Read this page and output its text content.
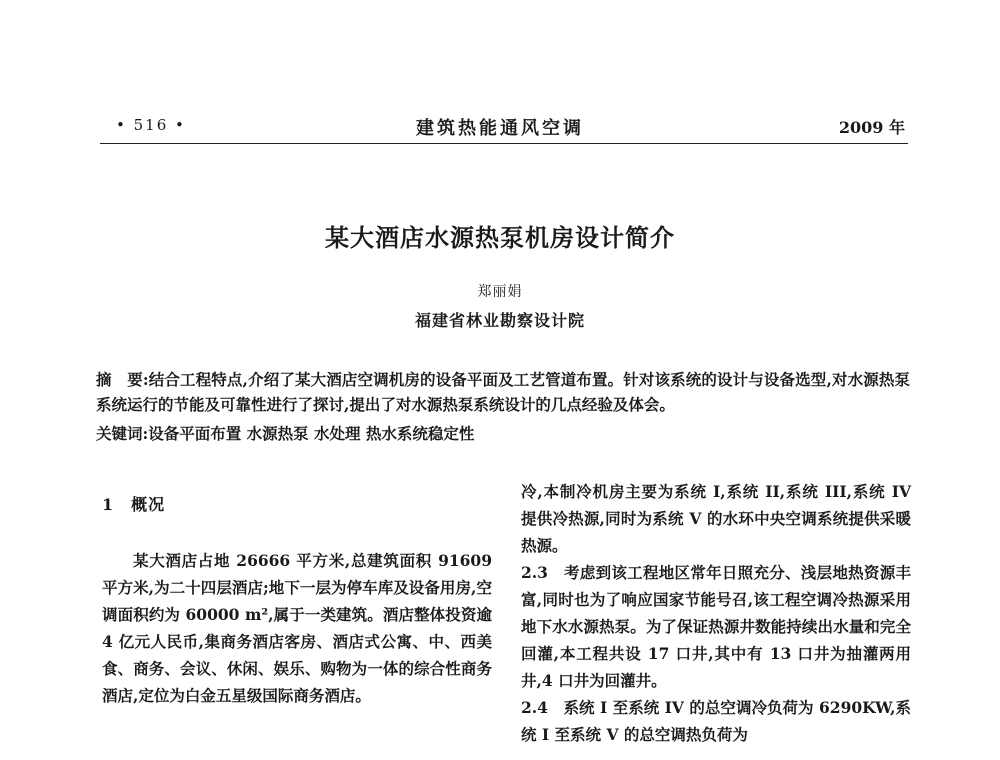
• 516 •	建筑热能通风空调	2009 年
某大酒店水源热泵机房设计简介
郑丽娟
福建省林业勘察设计院
摘　要:结合工程特点,介绍了某大酒店空调机房的设备平面及工艺管道布置。针对该系统的设计与设备选型,对水源热泵系统运行的节能及可靠性进行了探讨,提出了对水源热泵系统设计的几点经验及体会。
关键词:设备平面布置 水源热泵 水处理 热水系统稳定性
1　概况

某大酒店占地 26666 平方米,总建筑面积 91609 平方米,为二十四层酒店;地下一层为停车库及设备用房,空调面积约为 60000 m²,属于一类建筑。酒店整体投资逾 4 亿元人民币,集商务酒店客房、酒店式公寓、中、西美食、商务、会议、休闲、娱乐、购物为一体的综合性商务酒店,定位为白金五星级国际商务酒店。

冷,本制冷机房主要为系统 I,系统 II,系统 III,系统 IV 提供冷热源,同时为系统 V 的水环中央空调系统提供采暖热源。

2.3　考虑到该工程地区常年日照充分、浅层地热资源丰富,同时也为了响应国家节能号召,该工程空调冷热源采用地下水水源热泵。为了保证热源井数能持续出水量和完全回灌,本工程共设 17 口井,其中有 13 口井为抽灌两用井,4 口井为回灌井。

2.4　系统 I 至系统 IV 的总空调冷负荷为 6290KW,系统 I 至系统 V 的总空调热负荷为
